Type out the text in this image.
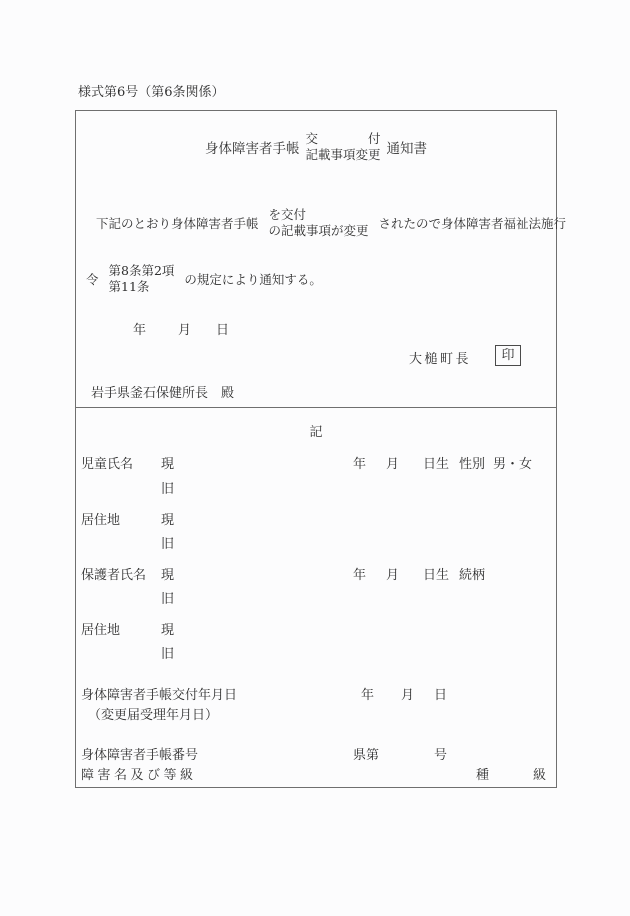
様式第6号（第6条関係）
身体障害者手帳
交	付
記載事項変更 通知書
下記のとおり身体障害者手帳
を交付
の記載事項が変更 されたので身体障害者福祉法施行
令
第8条第2項
第11条	の規定により通知する。
年 月 日
大槌町長	印
岩手県釜石保健所長　殿
記
児童氏名 現	年 月 日生 性別 男・女
旧
居住地	現
旧
保護者氏名 現	年 月 日生 続柄
旧
居住地	現
旧
身体障害者手帳交付年月日	年 月 日
（変更届受理年月日）
身体障害者手帳番号	県第	号
障害名及び等級	種	級
